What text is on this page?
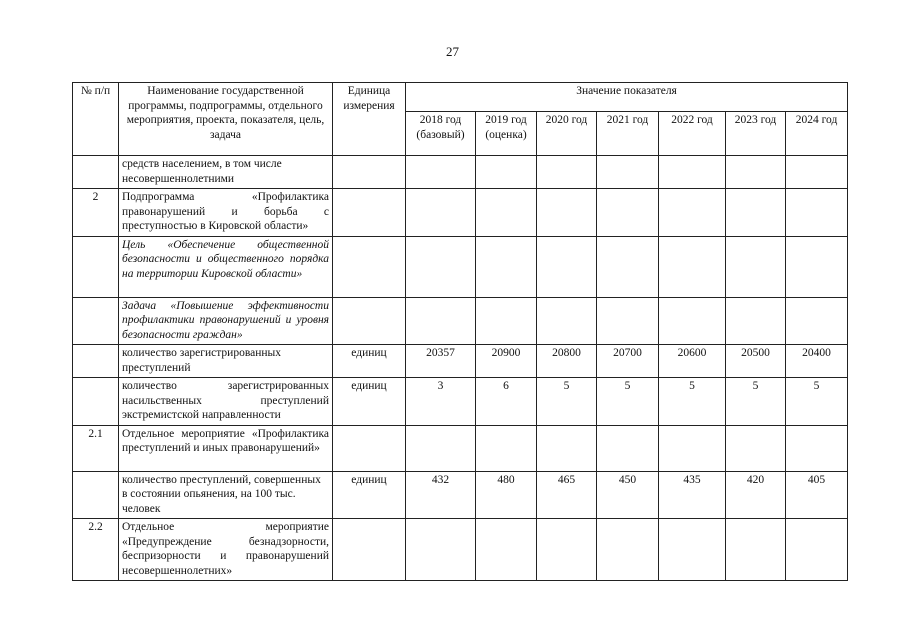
27
№ п/п	Наименование государственной программы, подпрограммы, отдельного мероприятия, проекта, показателя, цель, задача	Единица измерения	Значение показателя						
			2018 год (базовый)	2019 год (оценка)	2020 год	2021 год	2022 год	2023 год	2024 год
	средств населением, в том числе несовершеннолетними								
2	Подпрограмма «Профилактика правонарушений и борьба с преступностью в Кировской области»								
	Цель «Обеспечение общественной безопасности и общественного порядка на территории Кировской области»								
	Задача «Повышение эффективности профилактики правонарушений и уровня безопасности граждан»								
	количество зарегистрированных преступлений	единиц	20357	20900	20800	20700	20600	20500	20400
	количество зарегистрированных насильственных преступлений экстремистской направленности	единиц	3	6	5	5	5	5	5
2.1	Отдельное мероприятие «Профилактика преступлений и иных правонарушений»								
	количество преступлений, совершенных в состоянии опьянения, на 100 тыс. человек	единиц	432	480	465	450	435	420	405
2.2	Отдельное мероприятие «Предупреждение безнадзорности, беспризорности и правонарушений несовершеннолетних»								
